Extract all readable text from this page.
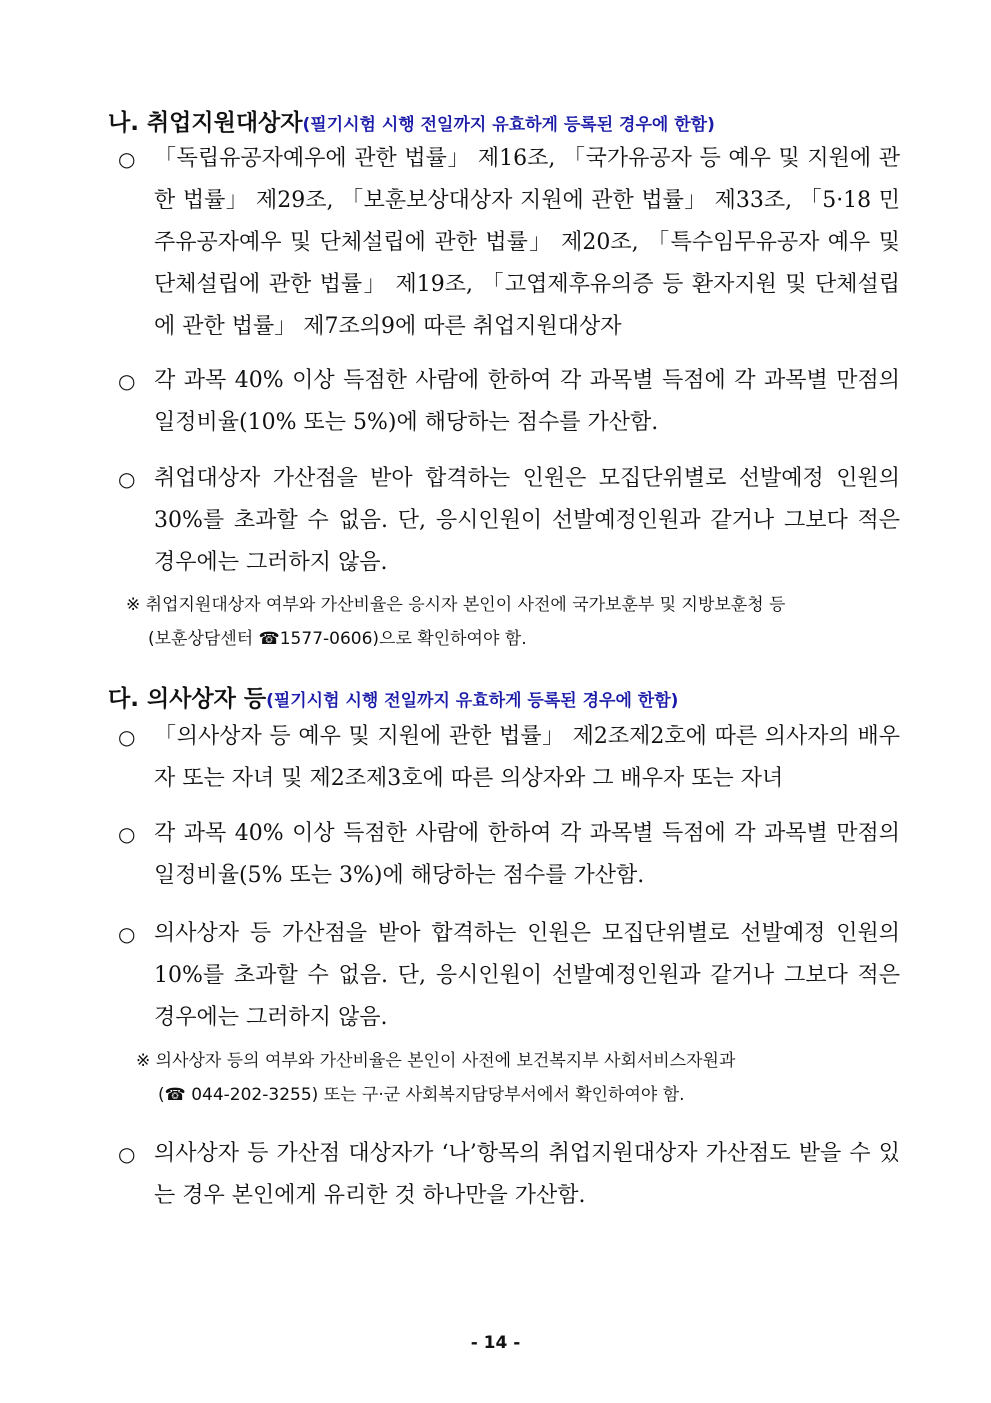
나. 취업지원대상자(필기시험 시행 전일까지 유효하게 등록된 경우에 한함)
○ 「독립유공자예우에 관한 법률」 제16조, 「국가유공자 등 예우 및 지원에 관한 법률」 제29조, 「보훈보상대상자 지원에 관한 법률」 제33조, 「5·18 민주유공자예우 및 단체설립에 관한 법률」 제20조, 「특수임무유공자 예우 및 단체설립에 관한 법률」 제19조, 「고엽제후유의증 등 환자지원 및 단체설립에 관한 법률」 제7조의9에 따른 취업지원대상자
○ 각 과목 40% 이상 득점한 사람에 한하여 각 과목별 득점에 각 과목별 만점의 일정비율(10% 또는 5%)에 해당하는 점수를 가산함.
○ 취업대상자 가산점을 받아 합격하는 인원은 모집단위별로 선발예정 인원의 30%를 초과할 수 없음. 단, 응시인원이 선발예정인원과 같거나 그보다 적은 경우에는 그러하지 않음.
※ 취업지원대상자 여부와 가산비율은 응시자 본인이 사전에 국가보훈부 및 지방보훈청 등
(보훈상담센터 ☎1577-0606)으로 확인하여야 함.
다. 의사상자 등(필기시험 시행 전일까지 유효하게 등록된 경우에 한함)
○ 「의사상자 등 예우 및 지원에 관한 법률」 제2조제2호에 따른 의사자의 배우자 또는 자녀 및 제2조제3호에 따른 의상자와 그 배우자 또는 자녀
○ 각 과목 40% 이상 득점한 사람에 한하여 각 과목별 득점에 각 과목별 만점의 일정비율(5% 또는 3%)에 해당하는 점수를 가산함.
○ 의사상자 등 가산점을 받아 합격하는 인원은 모집단위별로 선발예정 인원의 10%를 초과할 수 없음. 단, 응시인원이 선발예정인원과 같거나 그보다 적은 경우에는 그러하지 않음.
※ 의사상자 등의 여부와 가산비율은 본인이 사전에 보건복지부 사회서비스자원과
(☎ 044-202-3255) 또는 구·군 사회복지담당부서에서 확인하여야 함.
○ 의사상자 등 가산점 대상자가 ‘나’항목의 취업지원대상자 가산점도 받을 수 있는 경우 본인에게 유리한 것 하나만을 가산함.
- 14 -
